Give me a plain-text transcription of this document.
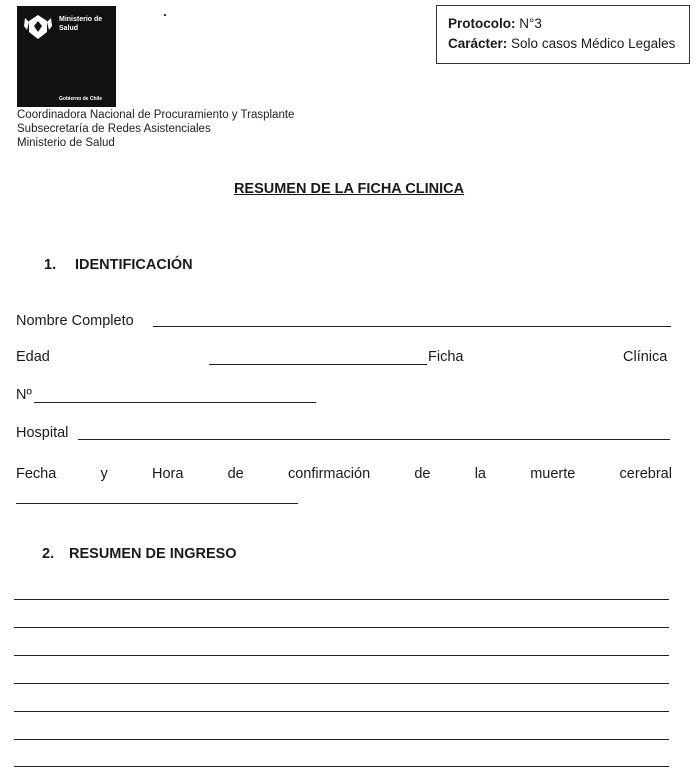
Ministerio de Salud
Gobierno de Chile
Coordinadora Nacional de Procuramiento y Trasplante
Subsecretaría de Redes Asistenciales
Ministerio de Salud
Protocolo: N°3
Carácter: Solo casos Médico Legales
RESUMEN DE LA FICHA CLINICA
1. IDENTIFICACIÓN
Nombre Completo
Edad	Ficha	Clínica
Nº
Hospital
Fecha	y	Hora	de	confirmación	de	la	muerte	cerebral
2. RESUMEN DE INGRESO
